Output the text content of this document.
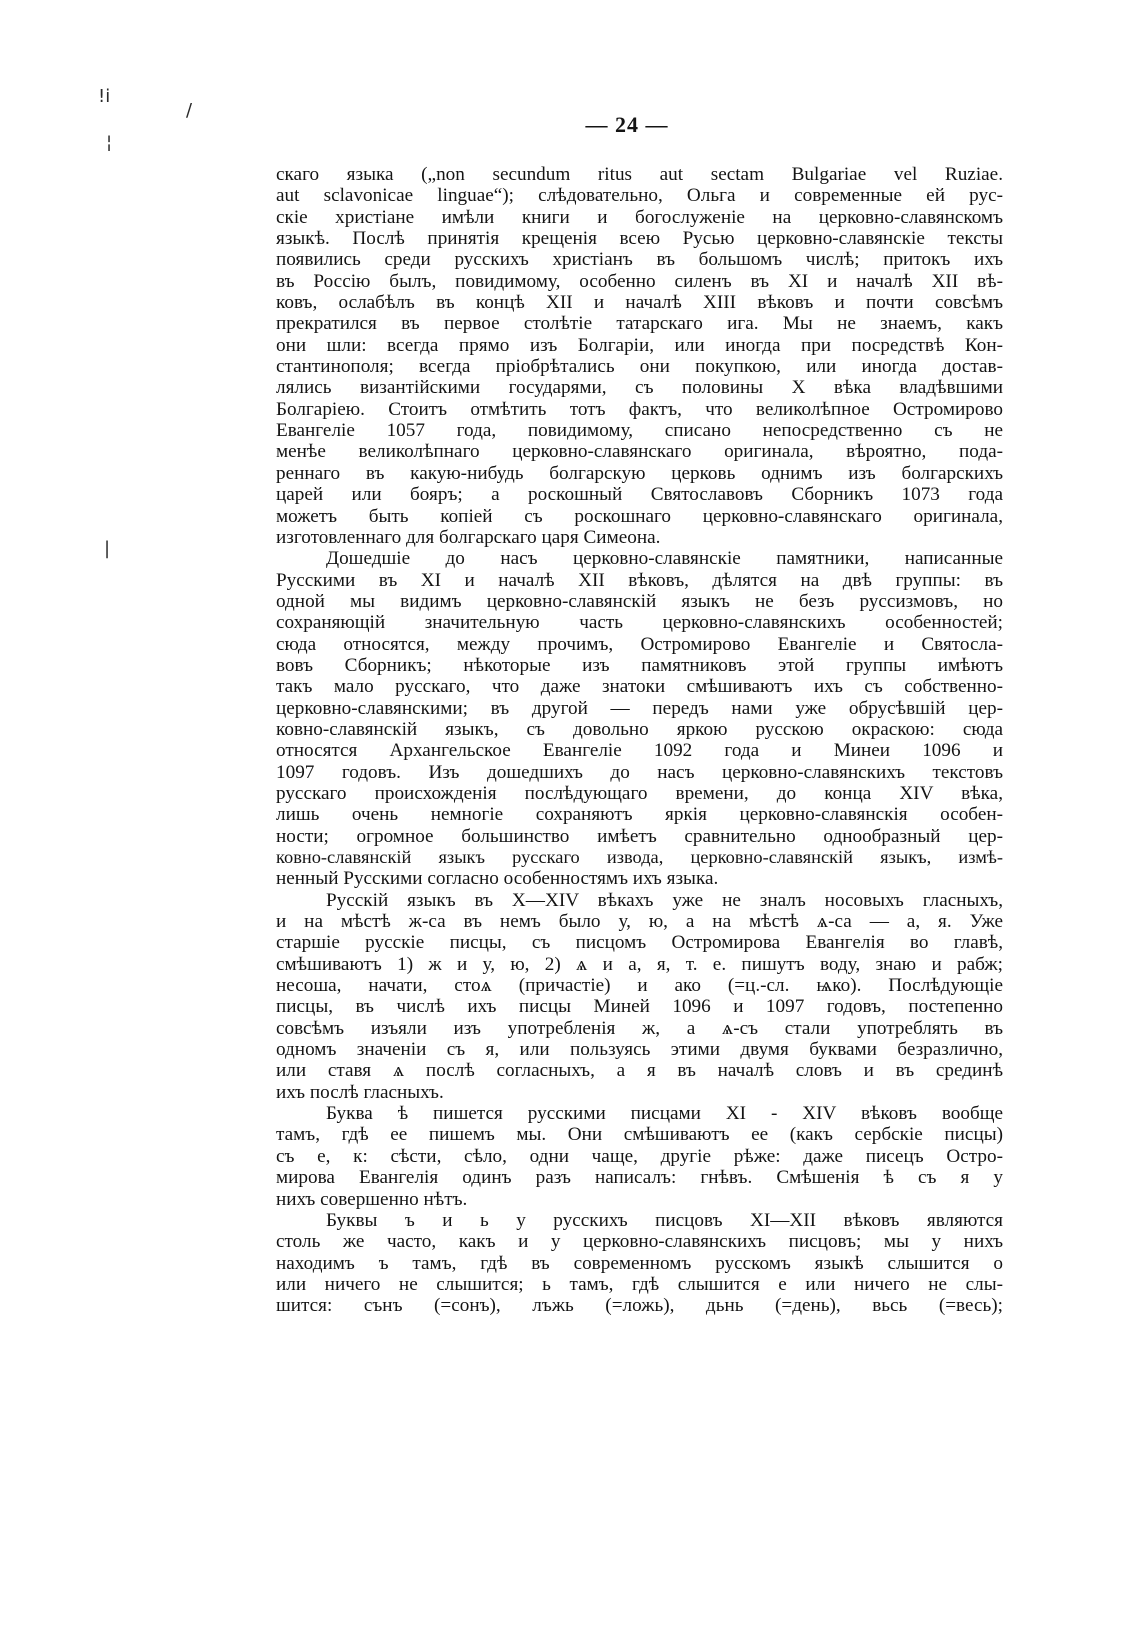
— 24 —
!i
/
¦
|
скаго языка („non secundum ritus aut sectam Bulgariae vel Ruziae.
aut sclavonicae linguae“); слѣдовательно, Ольга и современные ей рус-
скіе христіане имѣли книги и богослуженіе на церковно-славянскомъ
языкѣ. Послѣ принятія крещенія всею Русью церковно-славянскіе тексты
появились среди русскихъ христіанъ въ большомъ числѣ; притокъ ихъ
въ Россію былъ, повидимому, особенно силенъ въ XI и началѣ XII вѣ-
ковъ, ослабѣлъ въ концѣ XII и началѣ XIII вѣковъ и почти совсѣмъ
прекратился въ первое столѣтіе татарскаго ига. Мы не знаемъ, какъ
они шли: всегда прямо изъ Болгаріи, или иногда при посредствѣ Кон-
стантинополя; всегда пріобрѣтались они покупкою, или иногда достав-
лялись византійскими государями, съ половины X вѣка владѣвшими
Болгаріею. Стоитъ отмѣтить тотъ фактъ, что великолѣпное Остромирово
Евангеліе 1057 года, повидимому, списано непосредственно съ не
менѣе великолѣпнаго церковно-славянскаго оригинала, вѣроятно, пода-
реннаго въ какую-нибудь болгарскую церковь однимъ изъ болгарскихъ
царей или бояръ; а роскошный Святославовъ Сборникъ 1073 года
можетъ быть копіей съ роскошнаго церковно-славянскаго оригинала,
изготовленнаго для болгарскаго царя Симеона.
Дошедшіе до насъ церковно-славянскіе памятники, написанные
Русскими въ XI и началѣ XII вѣковъ, дѣлятся на двѣ группы: въ
одной мы видимъ церковно-славянскій языкъ не безъ руссизмовъ, но
сохраняющій значительную часть церковно-славянскихъ особенностей;
сюда относятся, между прочимъ, Остромирово Евангеліе и Святосла-
вовъ Сборникъ; нѣкоторые изъ памятниковъ этой группы имѣютъ
такъ мало русскаго, что даже знатоки смѣшиваютъ ихъ съ собственно-
церковно-славянскими; въ другой — передъ нами уже обрусѣвшій цер-
ковно-славянскій языкъ, съ довольно яркою русскою окраскою: сюда
относятся Архангельское Евангеліе 1092 года и Минеи 1096 и
1097 годовъ. Изъ дошедшихъ до насъ церковно-славянскихъ текстовъ
русскаго происхожденія послѣдующаго времени, до конца XIV вѣка,
лишь очень немногіе сохраняютъ яркія церковно-славянскія особен-
ности; огромное большинство имѣетъ сравнительно однообразный цер-
ковно-славянскій языкъ русскаго извода, церковно-славянскій языкъ, измѣ-
ненный Русскими согласно особенностямъ ихъ языка.
Русскій языкъ въ X—XIV вѣкахъ уже не зналъ носовыхъ гласныхъ,
и на мѣстѣ ж-са въ немъ было у, ю, а на мѣстѣ ѧ-са — а, я. Уже
старшіе русскіе писцы, съ писцомъ Остромирова Евангелія во главѣ,
смѣшиваютъ 1) ж и у, ю, 2) ѧ и а, я, т. е. пишутъ воду, знаю и рабж;
несоша, начати, стоѧ (причастіе) и ако (=ц.-сл. ѩко). Послѣдующіе
писцы, въ числѣ ихъ писцы Миней 1096 и 1097 годовъ, постепенно
совсѣмъ изъяли изъ употребленія ж, а ѧ-съ стали употреблять въ
одномъ значеніи съ я, или пользуясь этими двумя буквами безразлично,
или ставя ѧ послѣ согласныхъ, а я въ началѣ словъ и въ срединѣ
ихъ послѣ гласныхъ.
Буква ѣ пишется русскими писцами XI - XIV вѣковъ вообще
тамъ, гдѣ ее пишемъ мы. Они смѣшиваютъ ее (какъ сербскіе писцы)
съ е, к: сѣсти, сѣло, одни чаще, другіе рѣже: даже писецъ Остро-
мирова Евангелія одинъ разъ написалъ: гнѣвъ. Смѣшенія ѣ съ я у
нихъ совершенно нѣтъ.
Буквы ъ и ь у русскихъ писцовъ XI—XII вѣковъ являются
столь же часто, какъ и у церковно-славянскихъ писцовъ; мы у нихъ
находимъ ъ тамъ, гдѣ въ современномъ русскомъ языкѣ слышится о
или ничего не слышится; ь тамъ, гдѣ слышится е или ничего не слы-
шится: сънъ (=сонъ), лъжь (=ложь), дьнь (=день), вьсь (=весь);
